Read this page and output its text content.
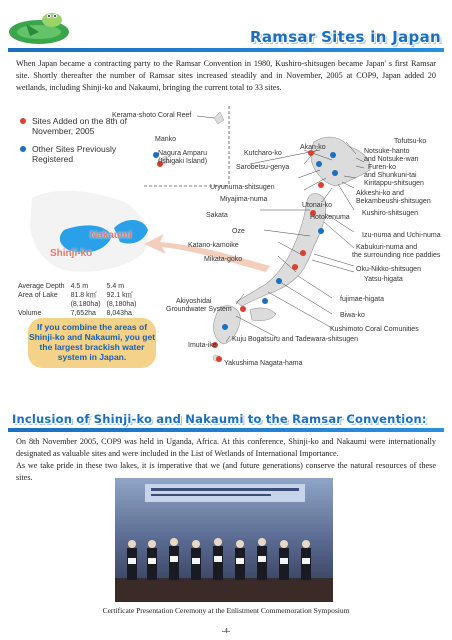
Ramsar Sites in Japan
When Japan became a contracting party to the Ramsar Convention in 1980, Kushiro-shitsugen became Japan' s first Ramsar site. Shortly thereafter the number of Ramsar sites increased steadily and in November, 2005 at COP9, Japan added 20 wetlands, including Shinji-ko and Nakaumi, bringing the current total to 33 sites.
Sites Added on the 8th of November, 2005
Other Sites Previously Registered
Shinji-ko
Nakaumi
Kerama-shoto Coral Reef
Manko
Nagura Amparu
(Ishigaki Island)
Kutcharo-ko
Akan-ko
Tofutsu-ko
Notsuke-hanto
and Notsuke-wan
Furen-ko
and Shunkuni-tai
Kiritappu-shitsugen
Akkeshi-ko and
Bekambeushi-shitsugen
Kushiro-shitsugen
Sarobetsu-genya
Uryunuma-shitsugen
Miyajima-numa
Utonai-ko
Hotokenuma
Sakata
Oze
Izu-numa and Uchi-numa
Kabukuri-numa and
the surrounding rice paddies
Katano-kamoike
Mikata-goko
Oku-Nikko-shitsugen
Yatsu-higata
fujimae-higata
Akiyoshidai
Groundwater System
Biwa-ko
Kushimoto Coral Comunities
Imuta-ike
Kuju Bogatsuru and Tadewara-shitsugen
Yakushima Nagata-hama
Average Depth	4.5 m	5.4 m
Area of Lake	81.8 k㎡	92.1 k㎡
	(8,180ha)	(8,180ha)
Volume	7,652ha	8,043ha
If you combine the areas of Shinji-ko and Nakaumi, you get the largest brackish water system in Japan.
Inclusion of Shinji-ko and Nakaumi to the Ramsar Convention:

On 8th November 2005, COP9 was held in Uganda, Africa. At this conference, Shinji-ko and Nakaumi were internationally designated as valuable sites and were included in the List of Wetlands of International Importance.

As we take pride in these two lakes, it is imperative that we (and future generations) conserve the natural resources of these sites.

Certificate Presentation Ceremony at the Enlistment Commemoration Symposium
-4-
